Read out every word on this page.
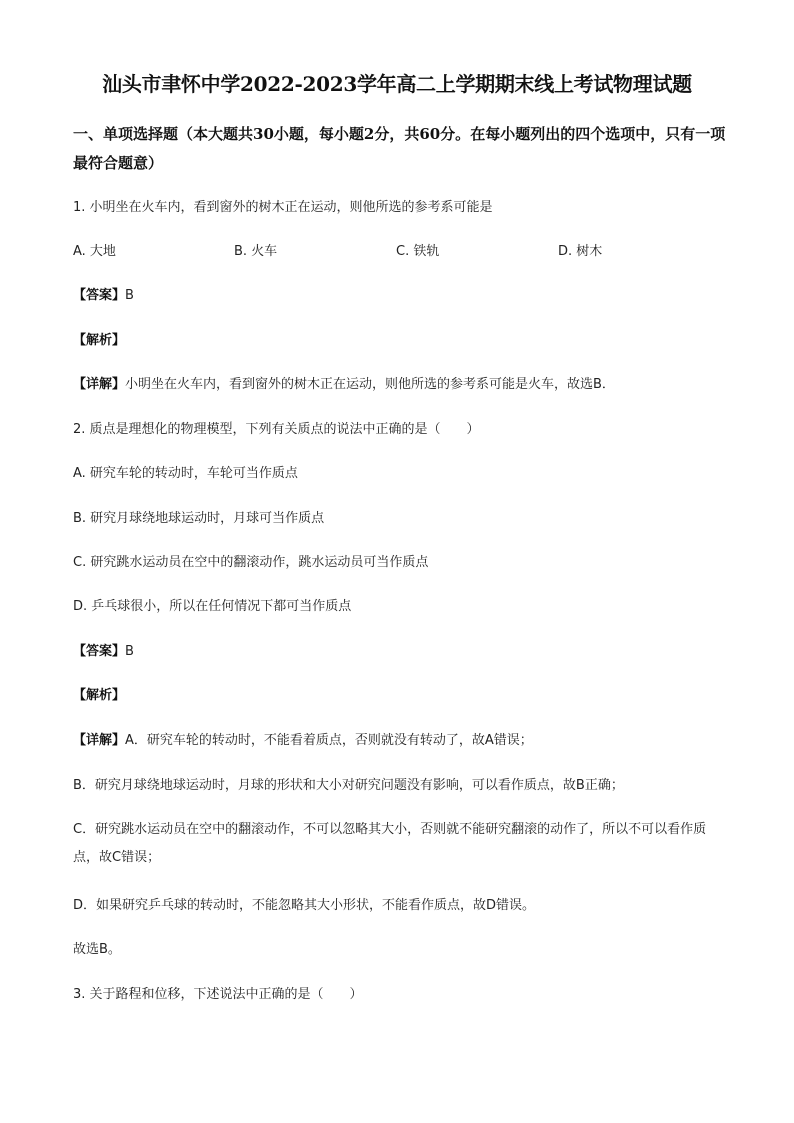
汕头市聿怀中学2022-2023学年高二上学期期末线上考试物理试题
一、单项选择题（本大题共30小题，每小题2分，共60分。在每小题列出的四个选项中，只有一项最符合题意）
1. 小明坐在火车内，看到窗外的树木正在运动，则他所选的参考系可能是
A. 大地	B. 火车	C. 铁轨	D. 树木
【答案】B
【解析】
【详解】小明坐在火车内，看到窗外的树木正在运动，则他所选的参考系可能是火车，故选B．
2. 质点是理想化的物理模型，下列有关质点的说法中正确的是（　　）
A. 研究车轮的转动时，车轮可当作质点
B. 研究月球绕地球运动时，月球可当作质点
C. 研究跳水运动员在空中的翻滚动作，跳水运动员可当作质点
D. 乒乓球很小，所以在任何情况下都可当作质点
【答案】B
【解析】
【详解】A．研究车轮的转动时，不能看着质点，否则就没有转动了，故A错误；
B．研究月球绕地球运动时，月球的形状和大小对研究问题没有影响，可以看作质点，故B正确；
C．研究跳水运动员在空中的翻滚动作，不可以忽略其大小，否则就不能研究翻滚的动作了，所以不可以看作质点，故C错误；
D．如果研究乒乓球的转动时，不能忽略其大小形状，不能看作质点，故D错误。
故选B。
3. 关于路程和位移，下述说法中正确的是（　　）
